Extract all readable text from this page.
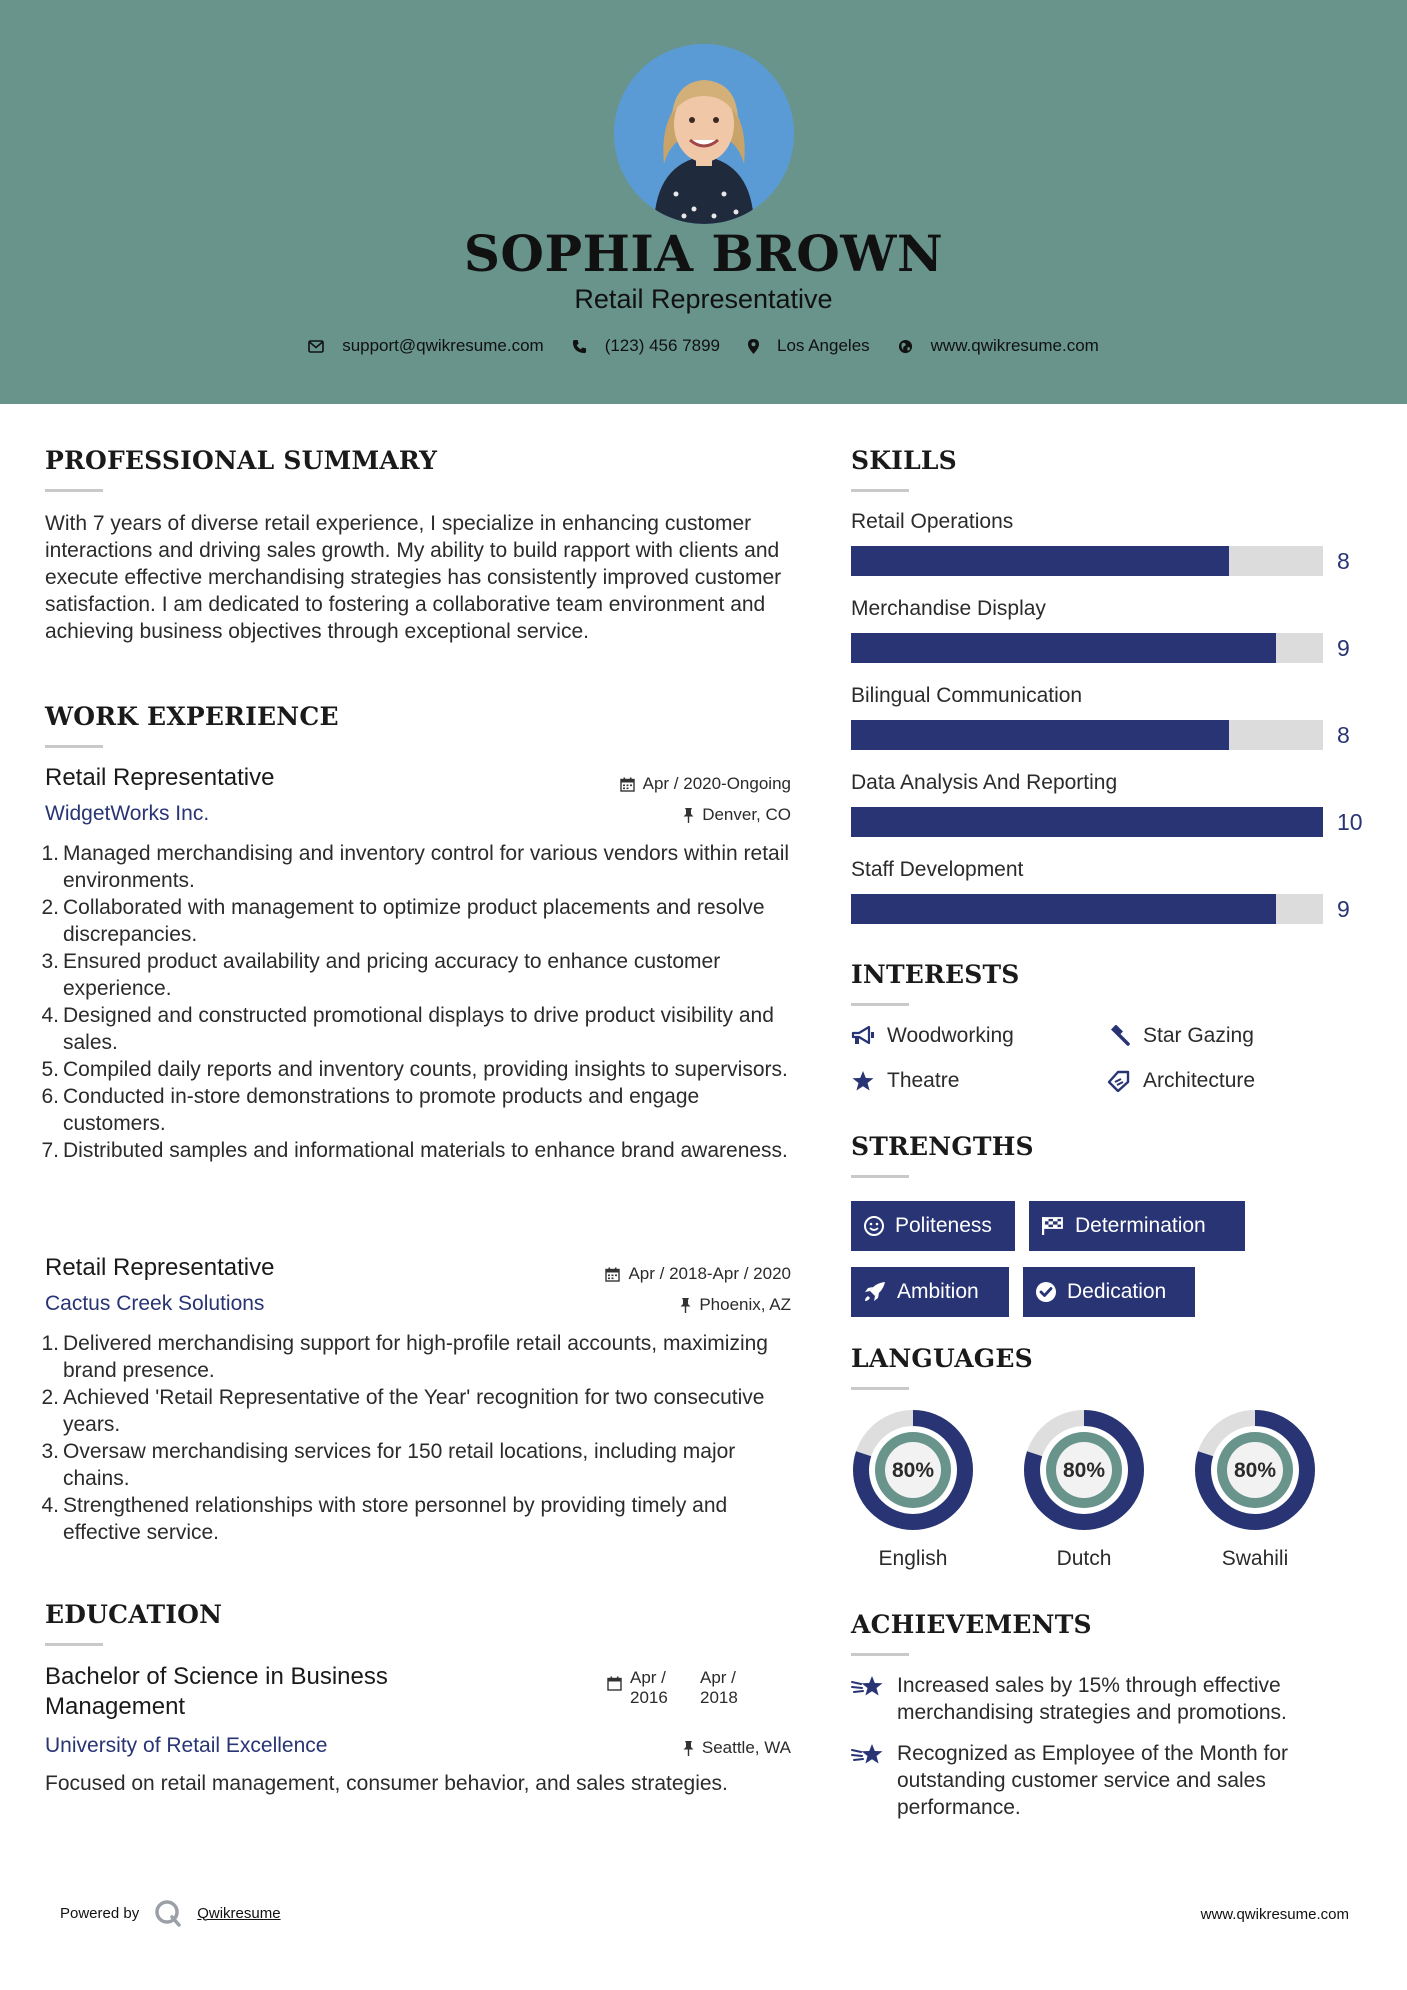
SOPHIA BROWN
Retail Representative
support@qwikresume.com	(123) 456 7899	Los Angeles	www.qwikresume.com
PROFESSIONAL SUMMARY
With 7 years of diverse retail experience, I specialize in enhancing customer interactions and driving sales growth. My ability to build rapport with clients and execute effective merchandising strategies has consistently improved customer satisfaction. I am dedicated to fostering a collaborative team environment and achieving business objectives through exceptional service.
WORK EXPERIENCE
Retail Representative
WidgetWorks Inc.
Apr / 2020-Ongoing
Denver, CO
1. Managed merchandising and inventory control for various vendors within retail environments.
2. Collaborated with management to optimize product placements and resolve discrepancies.
3. Ensured product availability and pricing accuracy to enhance customer experience.
4. Designed and constructed promotional displays to drive product visibility and sales.
5. Compiled daily reports and inventory counts, providing insights to supervisors.
6. Conducted in-store demonstrations to promote products and engage customers.
7. Distributed samples and informational materials to enhance brand awareness.
Retail Representative
Cactus Creek Solutions
Apr / 2018-Apr / 2020
Phoenix, AZ
1. Delivered merchandising support for high-profile retail accounts, maximizing brand presence.
2. Achieved 'Retail Representative of the Year' recognition for two consecutive years.
3. Oversaw merchandising services for 150 retail locations, including major chains.
4. Strengthened relationships with store personnel by providing timely and effective service.
EDUCATION
Bachelor of Science in Business Management
University of Retail Excellence
Apr / 2016
Apr / 2018
Seattle, WA
Focused on retail management, consumer behavior, and sales strategies.
SKILLS
Retail Operations
8
Merchandise Display
9
Bilingual Communication
8
Data Analysis And Reporting
10
Staff Development
9
INTERESTS
Woodworking	Star Gazing
Theatre	Architecture
STRENGTHS
Politeness	Determination
Ambition	Dedication
LANGUAGES
80%
English
80%
Dutch
80%
Swahili
ACHIEVEMENTS
Increased sales by 15% through effective merchandising strategies and promotions.
Recognized as Employee of the Month for outstanding customer service and sales performance.
Powered by	Qwikresume	www.qwikresume.com
